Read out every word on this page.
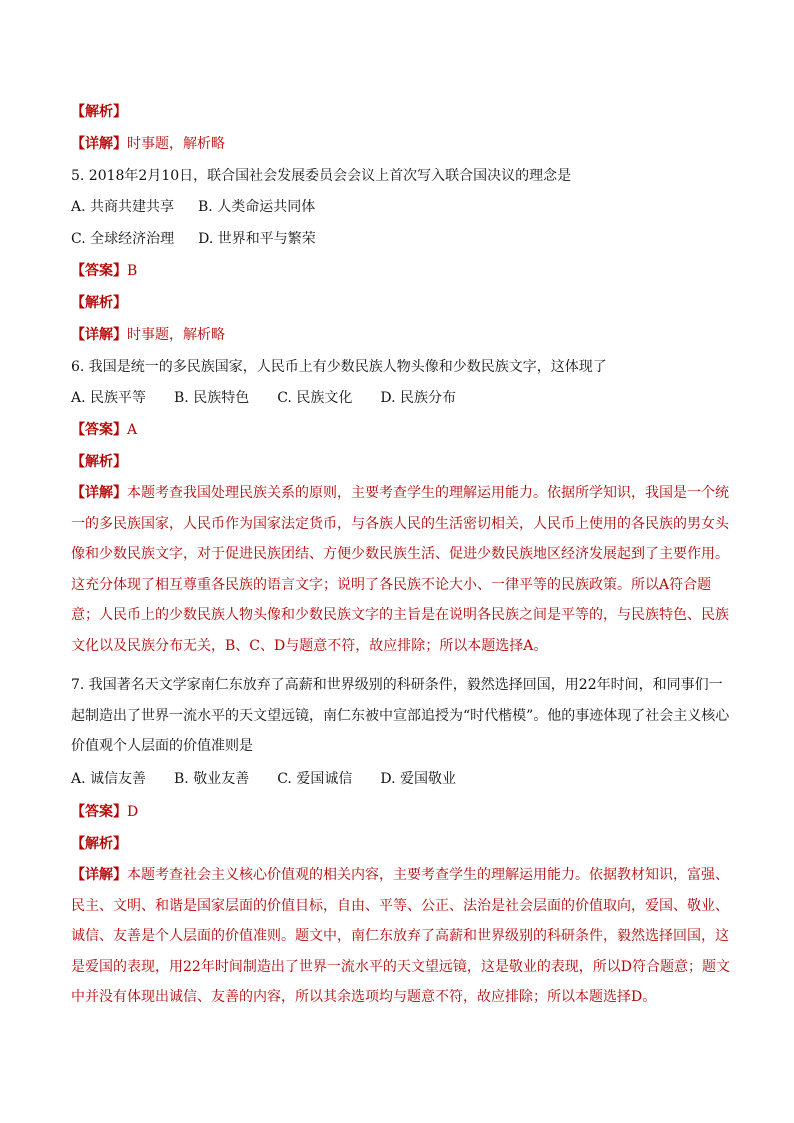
【解析】
【详解】时事题，解析略
5. 2018年2月10日，联合国社会发展委员会会议上首次写入联合国决议的理念是
A. 共商共建共享 B. 人类命运共同体
C. 全球经济治理 D. 世界和平与繁荣
【答案】B
【解析】
【详解】时事题，解析略
6. 我国是统一的多民族国家，人民币上有少数民族人物头像和少数民族文字，这体现了
A. 民族平等 B. 民族特色 C. 民族文化 D. 民族分布
【答案】A
【解析】
【详解】本题考查我国处理民族关系的原则，主要考查学生的理解运用能力。依据所学知识，我国是一个统一的多民族国家，人民币作为国家法定货币，与各族人民的生活密切相关，人民币上使用的各民族的男女头像和少数民族文字，对于促进民族团结、方便少数民族生活、促进少数民族地区经济发展起到了主要作用。这充分体现了相互尊重各民族的语言文字；说明了各民族不论大小、一律平等的民族政策。所以A符合题意；人民币上的少数民族人物头像和少数民族文字的主旨是在说明各民族之间是平等的，与民族特色、民族文化以及民族分布无关，B、C、D与题意不符，故应排除；所以本题选择A。
7. 我国著名天文学家南仁东放弃了高薪和世界级别的科研条件，毅然选择回国，用22年时间，和同事们一起制造出了世界一流水平的天文望远镜，南仁东被中宣部追授为“时代楷模”。他的事迹体现了社会主义核心价值观个人层面的价值准则是
A. 诚信友善 B. 敬业友善 C. 爱国诚信 D. 爱国敬业
【答案】D
【解析】
【详解】本题考查社会主义核心价值观的相关内容，主要考查学生的理解运用能力。依据教材知识，富强、民主、文明、和谐是国家层面的价值目标，自由、平等、公正、法治是社会层面的价值取向，爱国、敬业、诚信、友善是个人层面的价值准则。题文中，南仁东放弃了高薪和世界级别的科研条件，毅然选择回国，这是爱国的表现，用22年时间制造出了世界一流水平的天文望远镜，这是敬业的表现，所以D符合题意；题文中并没有体现出诚信、友善的内容，所以其余选项均与题意不符，故应排除；所以本题选择D。
